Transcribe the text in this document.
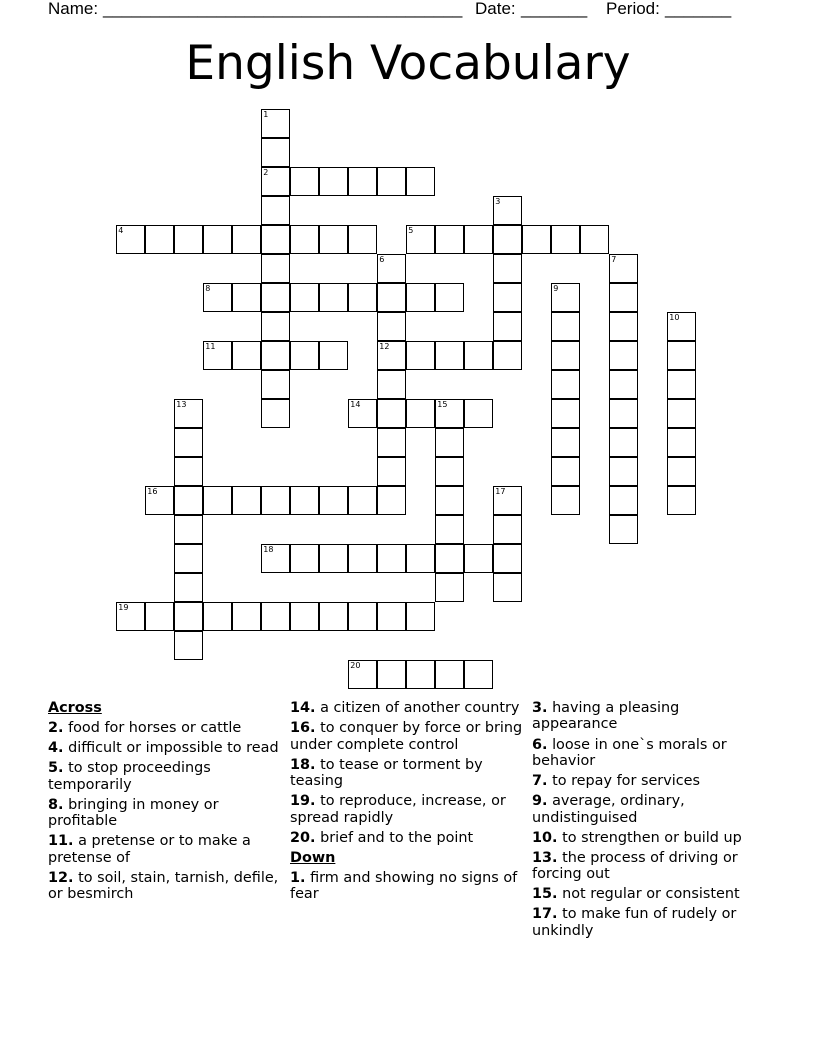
Name: ______________________________________ Date: _______ Period: _______
English Vocabulary
1
2
3
4	5
6
12
7
8	9
10
11
13	14	15
16	17
18
19
20
Across
2. food for horses or cattle
4. difficult or impossible to read
5. to stop proceedings temporarily
8. bringing in money or profitable
11. a pretense or to make a pretense of
12. to soil, stain, tarnish, defile, or besmirch
14. a citizen of another country
16. to conquer by force or bring under complete control
18. to tease or torment by teasing
19. to reproduce, increase, or spread rapidly
20. brief and to the point
Down
1. firm and showing no signs of fear
3. having a pleasing appearance
6. loose in one`s morals or behavior
7. to repay for services
9. average, ordinary, undistinguised
10. to strengthen or build up
13. the process of driving or forcing out
15. not regular or consistent
17. to make fun of rudely or unkindly
